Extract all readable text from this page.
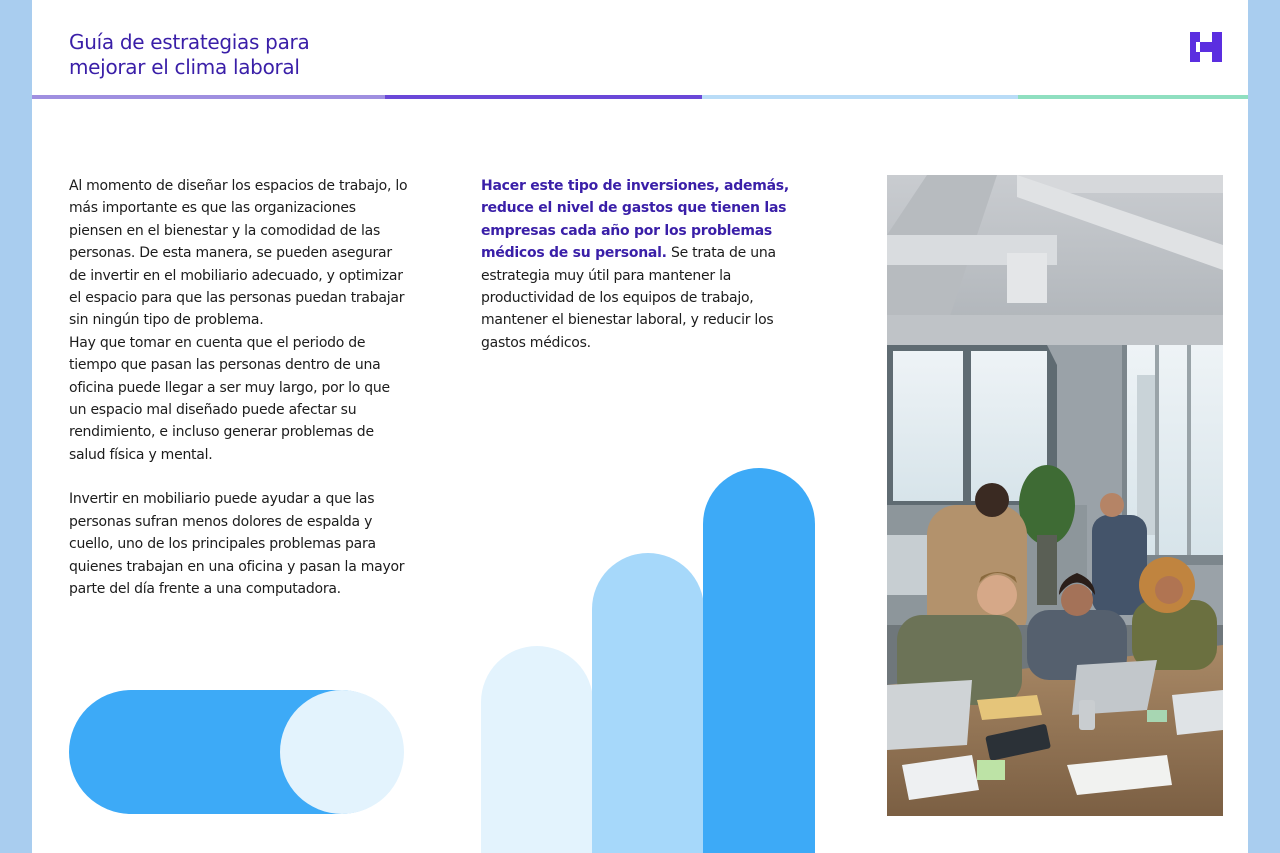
Guía de estrategias para
mejorar el clima laboral

Al momento de diseñar los espacios de trabajo, lo más importante es que las organizaciones piensen en el bienestar y la comodidad de las personas. De esta manera, se pueden asegurar de invertir en el mobiliario adecuado, y optimizar el espacio para que las personas puedan trabajar sin ningún tipo de problema.

Hay que tomar en cuenta que el periodo de tiempo que pasan las personas dentro de una oficina puede llegar a ser muy largo, por lo que un espacio mal diseñado puede afectar su rendimiento, e incluso generar problemas de salud física y mental.

Invertir en mobiliario puede ayudar a que las personas sufran menos dolores de espalda y cuello, uno de los principales problemas para quienes trabajan en una oficina y pasan la mayor parte del día frente a una computadora.

Hacer este tipo de inversiones, además, reduce el nivel de gastos que tienen las empresas cada año por los problemas médicos de su personal. Se trata de una estrategia muy útil para mantener la productividad de los equipos de trabajo, mantener el bienestar laboral, y reducir los gastos médicos.
